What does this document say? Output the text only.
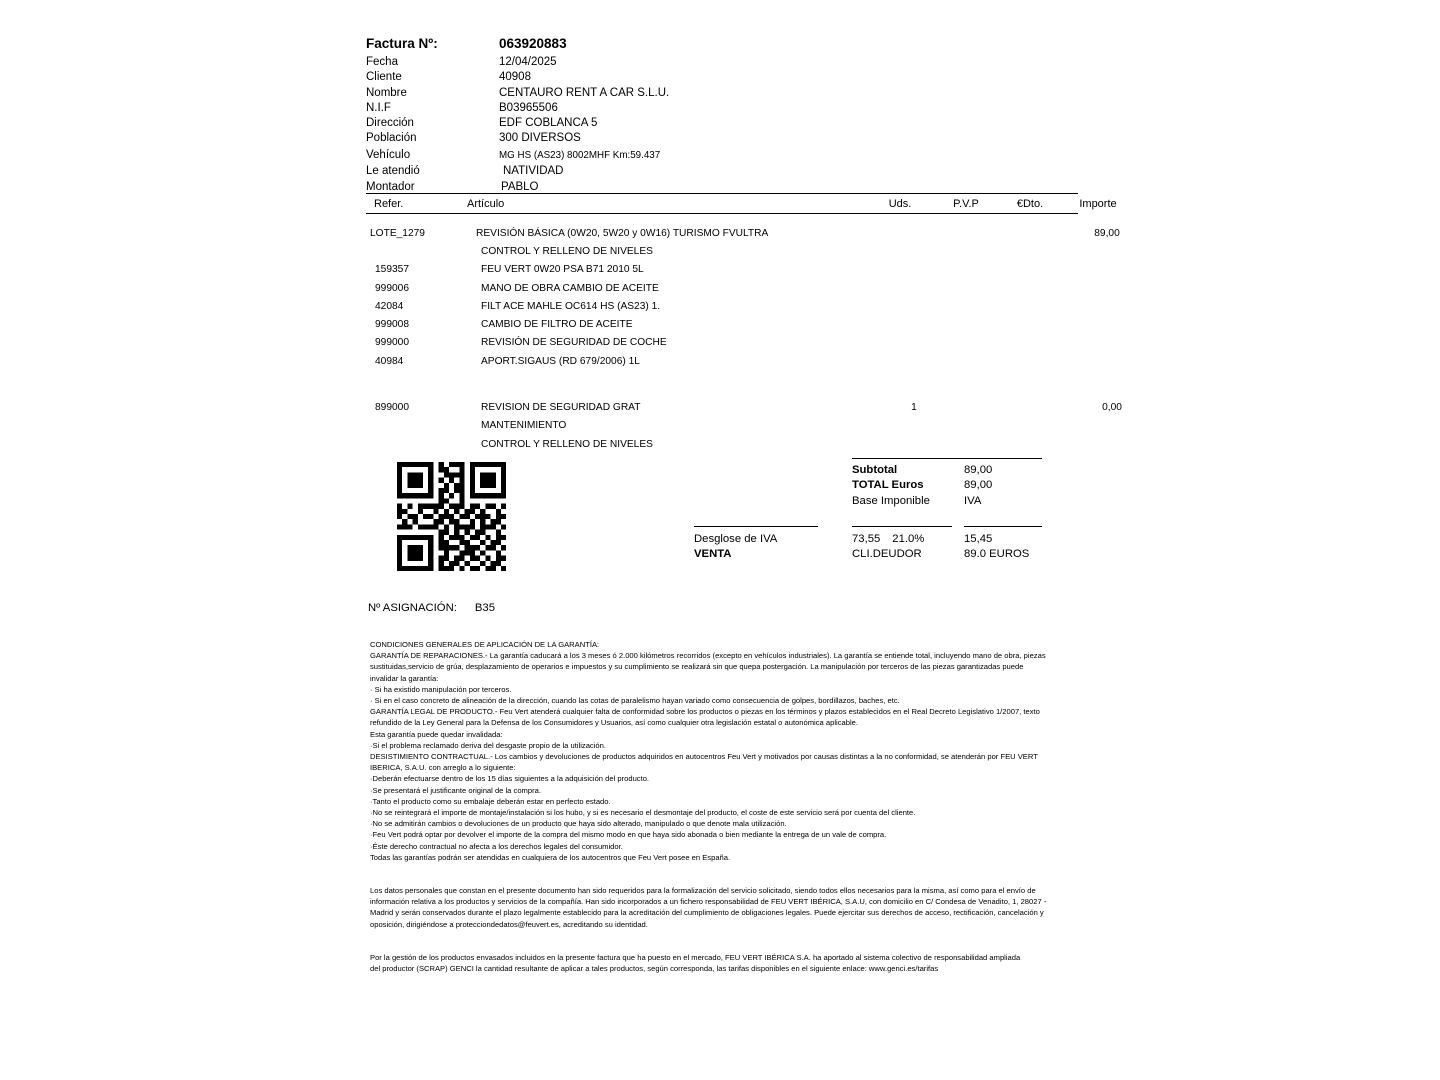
Factura Nº:	063920883
Fecha	12/04/2025
Cliente	40908
Nombre	CENTAURO RENT A CAR S.L.U.
N.I.F	B03965506
Dirección	EDF COBLANCA 5
Población	300 DIVERSOS
Vehículo	MG HS (AS23) 8002MHF Km:59.437
Le atendió	NATIVIDAD
Montador	PABLO
Refer.	Artículo	Uds.	P.V.P	€Dto.	Importe
LOTE_1279	REVISIÓN BÁSICA (0W20, 5W20 y 0W16) TURISMO FVULTRA	89,00
CONTROL Y RELLENO DE NIVELES
159357	FEU VERT 0W20 PSA B71 2010 5L
999006	MANO DE OBRA CAMBIO DE ACEITE
42084	FILT ACE MAHLE OC614 HS (AS23) 1.
999008	CAMBIO DE FILTRO DE ACEITE
999000	REVISIÓN DE SEGURIDAD DE COCHE
40984	APORT.SIGAUS (RD 679/2006) 1L
899000	REVISION DE SEGURIDAD GRAT	1	0,00
MANTENIMIENTO
CONTROL Y RELLENO DE NIVELES
Subtotal	89,00
TOTAL Euros	89,00
Base Imponible	IVA
Desglose de IVA	73,55 21.0%	15,45
VENTA	CLI.DEUDOR	89.0 EUROS
Nº ASIGNACIÓN: B35

CONDICIONES GENERALES DE APLICACIÓN DE LA GARANTÍA:

GARANTÍA DE REPARACIONES.- La garantía caducará a los 3 meses ó 2.000 kilómetros recorridos (excepto en vehículos industriales). La garantía se entiende total, incluyendo mano de obra, piezas

sustituidas,servicio de grúa, desplazamiento de operarios e impuestos y su cumplimiento se realizará sin que quepa postergación. La manipulación por terceros de las piezas garantizadas puede

invalidar la garantía:

· Si ha existido manipulación por terceros.

· Si en el caso concreto de alineación de la dirección, cuando las cotas de paralelismo hayan variado como consecuencia de golpes, bordillazos, baches, etc.

GARANTÍA LEGAL DE PRODUCTO.- Feu Vert atenderá cualquier falta de conformidad sobre los productos o piezas en los términos y plazos establecidos en el Real Decreto Legislativo 1/2007, texto

refundido de la Ley General para la Defensa de los Consumidores y Usuarios, así como cualquier otra legislación estatal o autonómica aplicable.

Esta garantía puede quedar invalidada:

·Si el problema reclamado deriva del desgaste propio de la utilización.

DESISTIMIENTO CONTRACTUAL.- Los cambios y devoluciones de productos adquiridos en autocentros Feu Vert y motivados por causas distintas a la no conformidad, se atenderán por FEU VERT

IBERICA, S.A.U. con arreglo a lo siguiente:

·Deberán efectuarse dentro de los 15 días siguientes a la adquisición del producto.

·Se presentará el justificante original de la compra.

·Tanto el producto como su embalaje deberán estar en perfecto estado.

·No se reintegrará el importe de montaje/instalación si los hubo, y si es necesario el desmontaje del producto, el coste de este servicio será por cuenta del cliente.

·No se admitirán cambios o devoluciones de un producto que haya sido alterado, manipulado o que denote mala utilización.

·Feu Vert podrá optar por devolver el importe de la compra del mismo modo en que haya sido abonada o bien mediante la entrega de un vale de compra.

·Éste derecho contractual no afecta a los derechos legales del consumidor.

Todas las garantías podrán ser atendidas en cualquiera de los autocentros que Feu Vert posee en España.

Los datos personales que constan en el presente documento han sido requeridos para la formalización del servicio solicitado, siendo todos ellos necesarios para la misma, así como para el envío de

información relativa a los productos y servicios de la compañía. Han sido incorporados a un fichero responsabilidad de FEU VERT IBÉRICA, S.A.U, con domicilio en C/ Condesa de Venadito, 1, 28027 -

Madrid y serán conservados durante el plazo legalmente establecido para la acreditación del cumplimiento de obligaciones legales. Puede ejercitar sus derechos de acceso, rectificación, cancelación y

oposición, dirigiéndose a protecciondedatos@feuvert.es, acreditando su identidad.

Por la gestión de los productos envasados incluidos en la presente factura que ha puesto en el mercado, FEU VERT IBÉRICA S.A. ha aportado al sistema colectivo de responsabilidad ampliada

del productor (SCRAP) GENCI la cantidad resultante de aplicar a tales productos, según corresponda, las tarifas disponibles en el siguiente enlace: www.genci.es/tarifas
